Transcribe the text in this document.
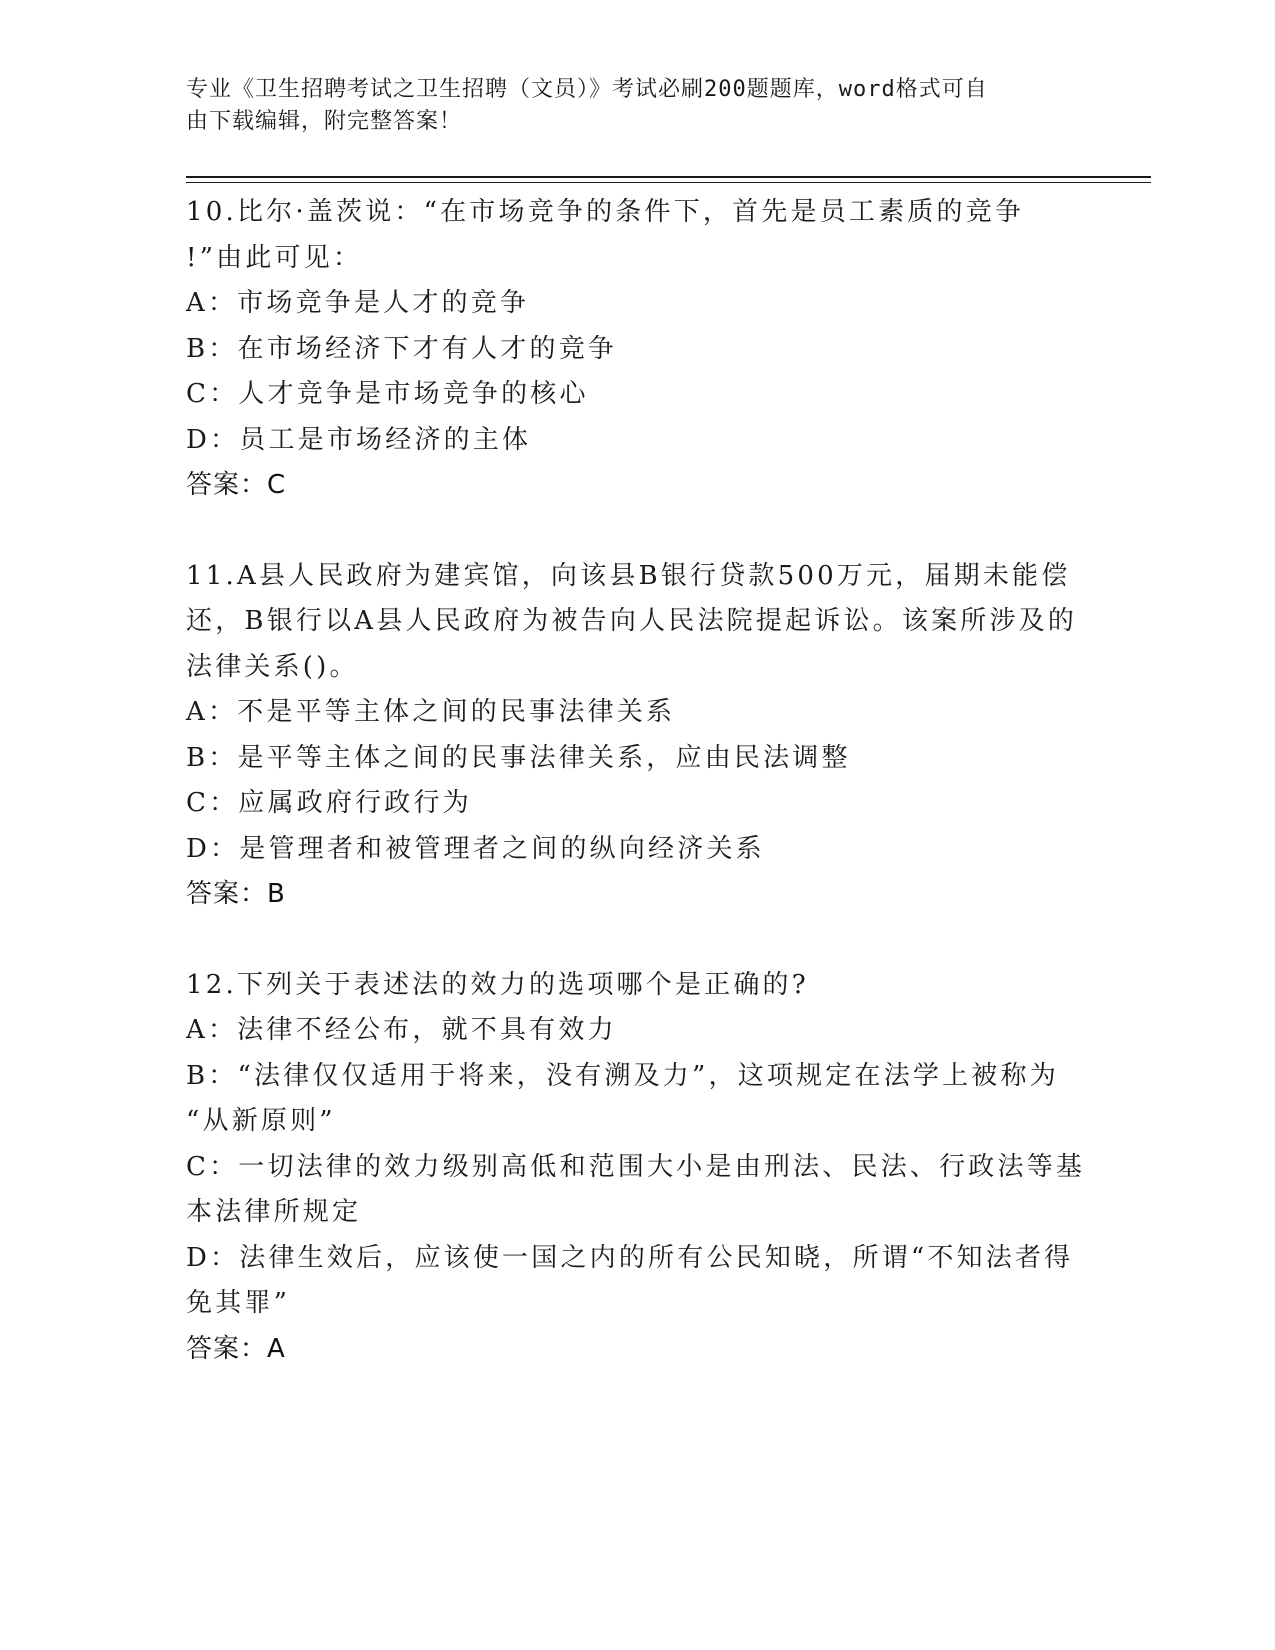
专业《卫生招聘考试之卫生招聘（文员）》考试必刷200题题库，word格式可自
由下载编辑，附完整答案！
10.比尔·盖茨说：“在市场竞争的条件下，首先是员工素质的竞争
!”由此可见：
A：市场竞争是人才的竞争
B：在市场经济下才有人才的竞争
C：人才竞争是市场竞争的核心
D：员工是市场经济的主体
答案：C
11.A县人民政府为建宾馆，向该县B银行贷款500万元，届期未能偿
还，B银行以A县人民政府为被告向人民法院提起诉讼。该案所涉及的
法律关系()。
A：不是平等主体之间的民事法律关系
B：是平等主体之间的民事法律关系，应由民法调整
C：应属政府行政行为
D：是管理者和被管理者之间的纵向经济关系
答案：B
12.下列关于表述法的效力的选项哪个是正确的?
A：法律不经公布，就不具有效力
B：“法律仅仅适用于将来，没有溯及力”，这项规定在法学上被称为
“从新原则”
C：一切法律的效力级别高低和范围大小是由刑法、民法、行政法等基
本法律所规定
D：法律生效后，应该使一国之内的所有公民知晓，所谓“不知法者得
免其罪”
答案：A
